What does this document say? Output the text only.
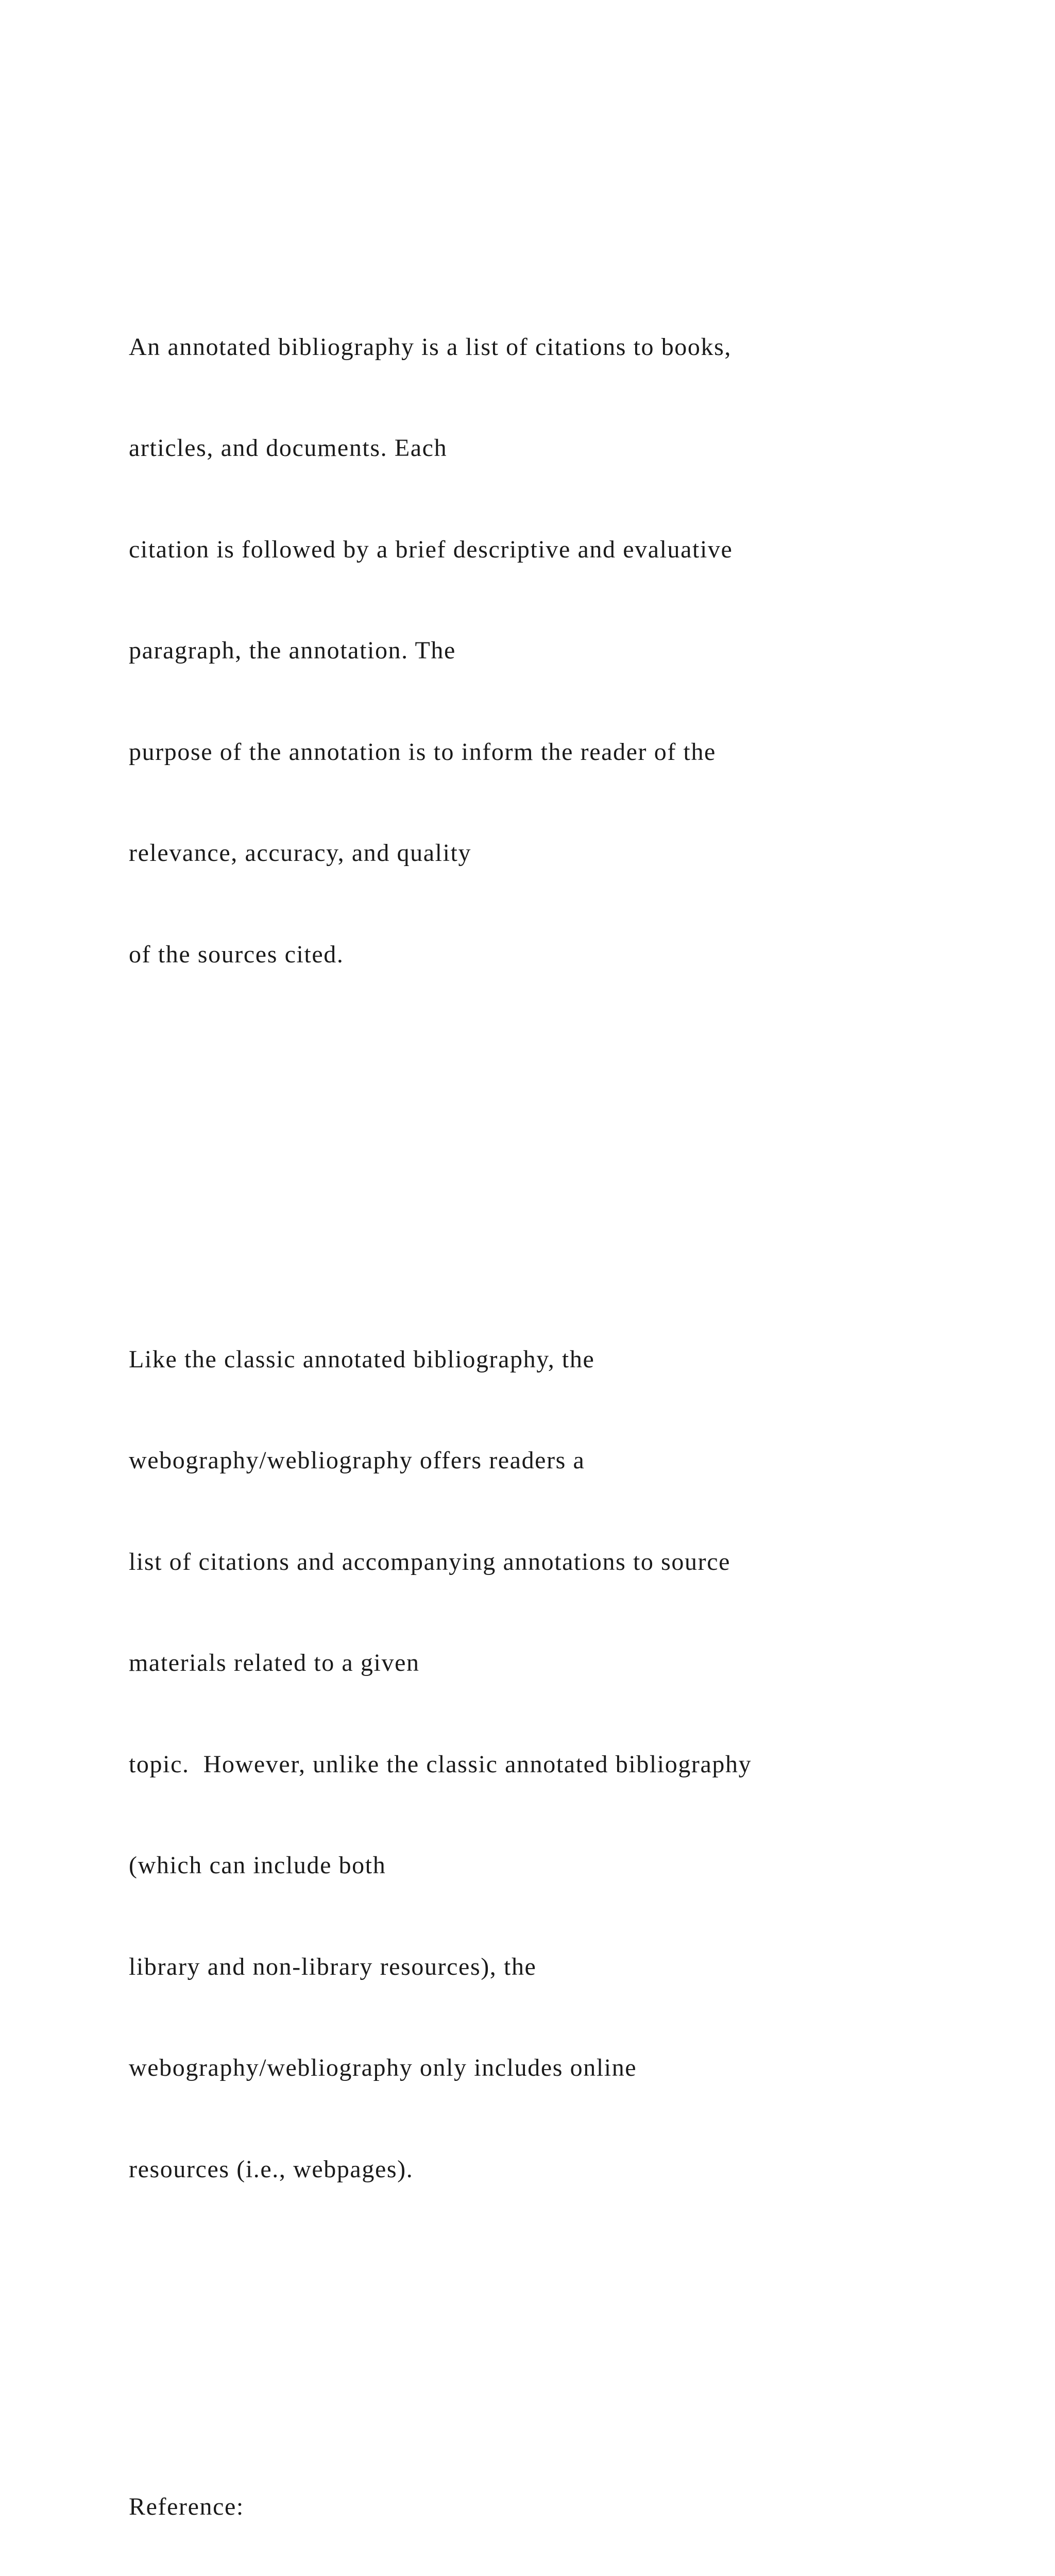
An annotated bibliography is a list of citations to books,

articles, and documents. Each

citation is followed by a brief descriptive and evaluative

paragraph, the annotation. The

purpose of the annotation is to inform the reader of the

relevance, accuracy, and quality

of the sources cited.

Like the classic annotated bibliography, the

webography/webliography offers readers a

list of citations and accompanying annotations to source

materials related to a given

topic.  However, unlike the classic annotated bibliography

(which can include both

library and non-library resources), the

webography/webliography only includes online

resources (i.e., webpages).

Reference:
